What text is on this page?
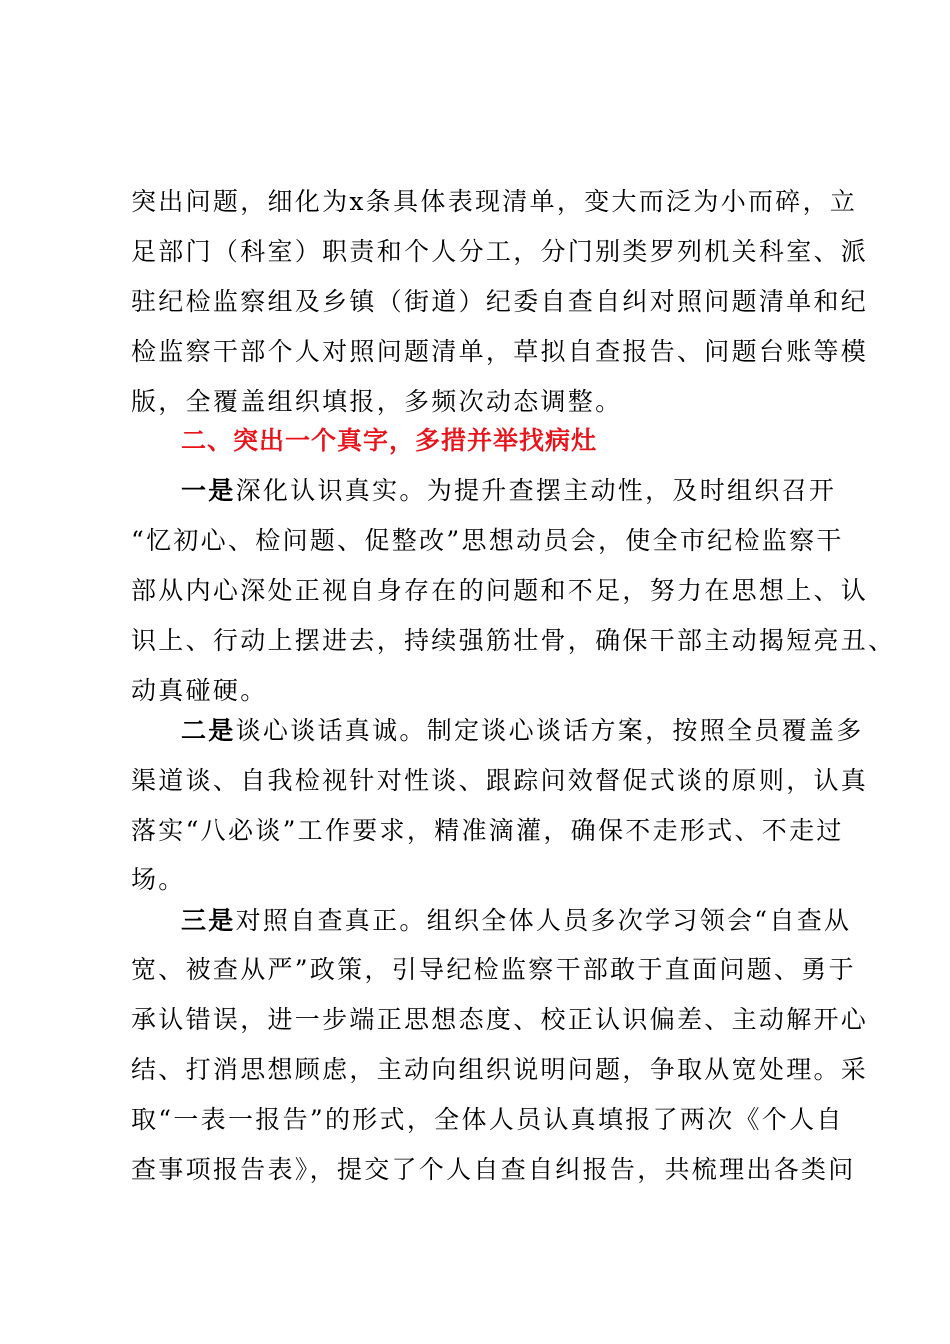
突出问题，细化为x条具体表现清单，变大而泛为小而碎，立
足部门（科室）职责和个人分工，分门别类罗列机关科室、派
驻纪检监察组及乡镇（街道）纪委自查自纠对照问题清单和纪
检监察干部个人对照问题清单，草拟自查报告、问题台账等模
版，全覆盖组织填报，多频次动态调整。
二、突出一个真字，多措并举找病灶
一是深化认识真实。为提升查摆主动性，及时组织召开
“忆初心、检问题、促整改”思想动员会，使全市纪检监察干
部从内心深处正视自身存在的问题和不足，努力在思想上、认
识上、行动上摆进去，持续强筋壮骨，确保干部主动揭短亮丑、
动真碰硬。
二是谈心谈话真诚。制定谈心谈话方案，按照全员覆盖多
渠道谈、自我检视针对性谈、跟踪问效督促式谈的原则，认真
落实“八必谈”工作要求，精准滴灌，确保不走形式、不走过
场。
三是对照自查真正。组织全体人员多次学习领会“自查从
宽、被查从严”政策，引导纪检监察干部敢于直面问题、勇于
承认错误，进一步端正思想态度、校正认识偏差、主动解开心
结、打消思想顾虑，主动向组织说明问题，争取从宽处理。采
取“一表一报告”的形式，全体人员认真填报了两次《个人自
查事项报告表》，提交了个人自查自纠报告，共梳理出各类问
